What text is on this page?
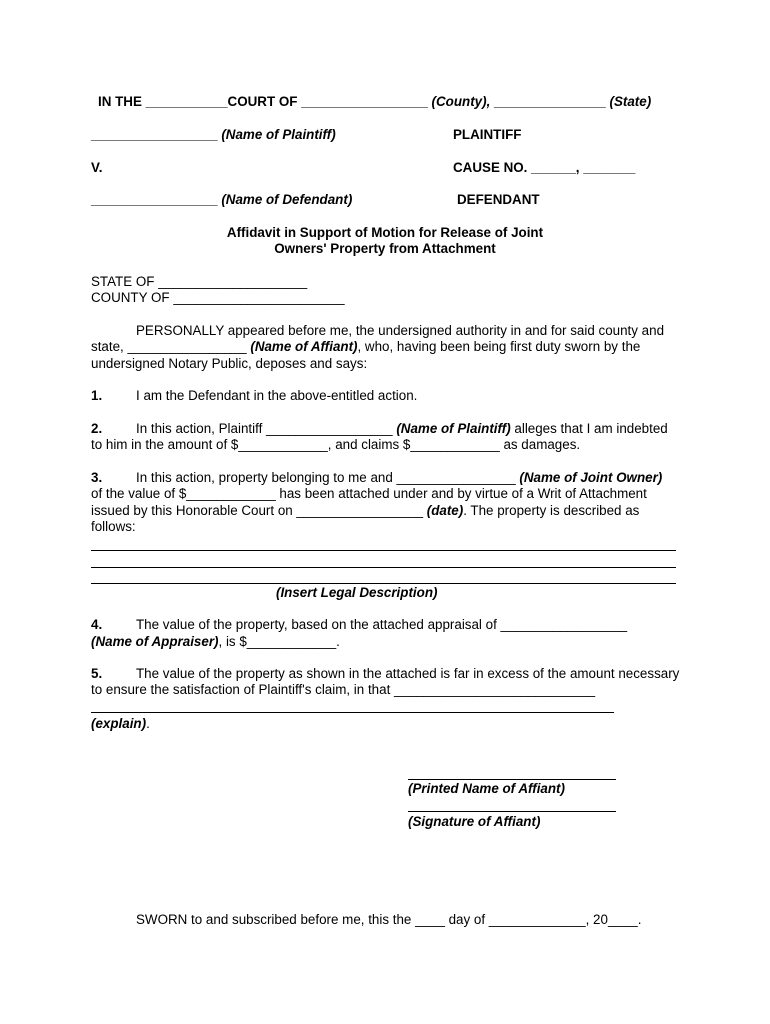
IN THE ___________COURT OF _________________ (County), _______________ (State)
_________________ (Name of Plaintiff)	PLAINTIFF
V.	CAUSE NO. ______, _______
_________________ (Name of Defendant)	DEFENDANT
Affidavit in Support of Motion for Release of Joint
Owners' Property from Attachment
STATE OF ____________________
COUNTY OF _______________________
PERSONALLY appeared before me, the undersigned authority in and for said county and state, ________________ (Name of Affiant), who, having been being first duty sworn by the undersigned Notary Public, deposes and says:
1.	I am the Defendant in the above-entitled action.
2.	In this action, Plaintiff _________________ (Name of Plaintiff) alleges that I am indebted to him in the amount of $____________, and claims $____________ as damages.
3.	In this action, property belonging to me and ________________ (Name of Joint Owner) of the value of $____________ has been attached under and by virtue of a Writ of Attachment issued by this Honorable Court on _________________ (date). The property is described as follows:
(Insert Legal Description)
4.	The value of the property, based on the attached appraisal of _________________
(Name of Appraiser), is $____________.
5.	The value of the property as shown in the attached is far in excess of the amount necessary to ensure the satisfaction of Plaintiff's claim, in that ___________________________
(explain).
(Printed Name of Affiant)
(Signature of Affiant)
SWORN to and subscribed before me, this the ____ day of _____________, 20____.
